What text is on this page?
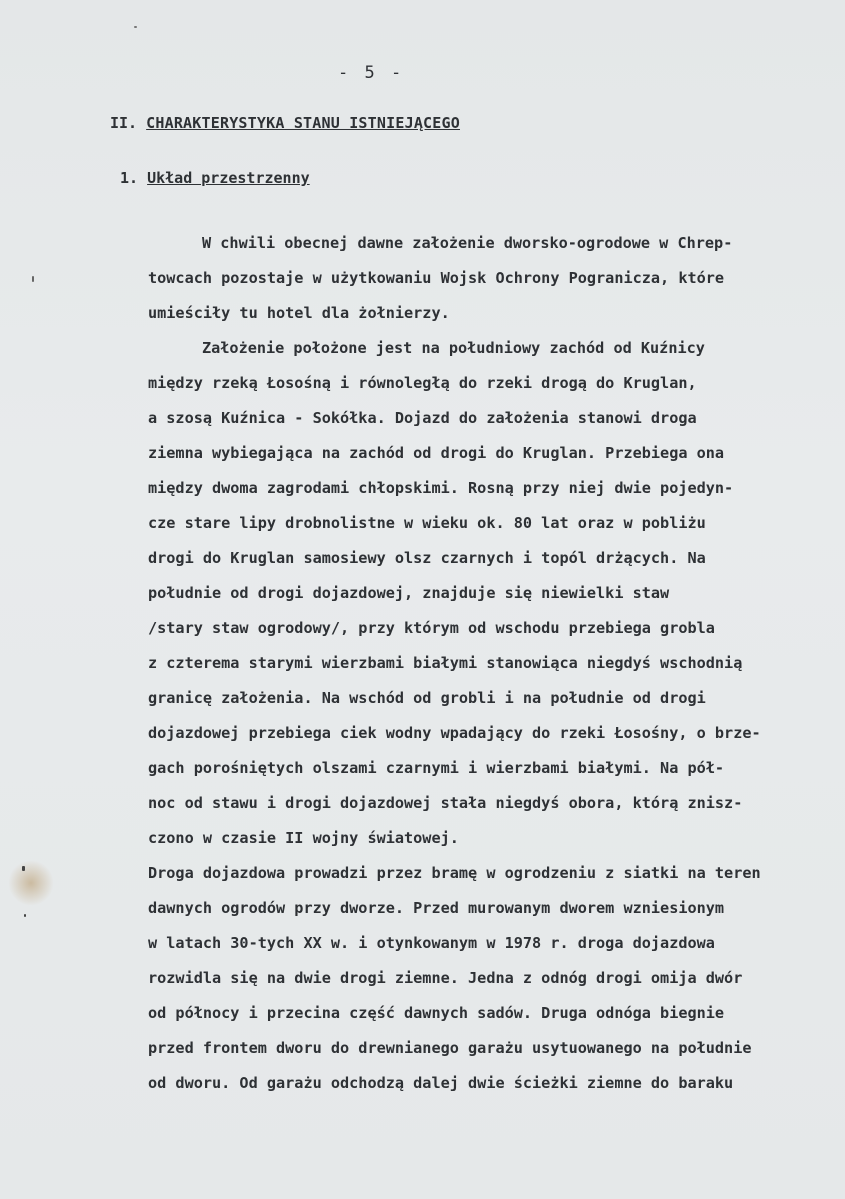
- 5 -
II. CHARAKTERYSTYKA STANU ISTNIEJĄCEGO
1. Układ przestrzenny
W chwili obecnej dawne założenie dworsko-ogrodowe w Chrep-
towcach pozostaje w użytkowaniu Wojsk Ochrony Pogranicza, które
umieściły tu hotel dla żołnierzy.
Założenie położone jest na południowy zachód od Kuźnicy
między rzeką Łosośną i równoległą do rzeki drogą do Kruglan,
a szosą Kuźnica - Sokółka. Dojazd do założenia stanowi droga
ziemna wybiegająca na zachód od drogi do Kruglan. Przebiega ona
między dwoma zagrodami chłopskimi. Rosną przy niej dwie pojedyn-
cze stare lipy drobnolistne w wieku ok. 80 lat oraz w pobliżu
drogi do Kruglan samosiewy olsz czarnych i topól drżących. Na
południe od drogi dojazdowej, znajduje się niewielki staw
/stary staw ogrodowy/, przy którym od wschodu przebiega grobla
z czterema starymi wierzbami białymi stanowiąca niegdyś wschodnią
granicę założenia. Na wschód od grobli i na południe od drogi
dojazdowej przebiega ciek wodny wpadający do rzeki Łosośny, o brze-
gach porośniętych olszami czarnymi i wierzbami białymi. Na pół-
noc od stawu i drogi dojazdowej stała niegdyś obora, którą znisz-
czono w czasie II wojny światowej.
Droga dojazdowa prowadzi przez bramę w ogrodzeniu z siatki na teren
dawnych ogrodów przy dworze. Przed murowanym dworem wzniesionym
w latach 30-tych XX w. i otynkowanym w 1978 r. droga dojazdowa
rozwidla się na dwie drogi ziemne. Jedna z odnóg drogi omija dwór
od północy i przecina część dawnych sadów. Druga odnóga biegnie
przed frontem dworu do drewnianego garażu usytuowanego na południe
od dworu. Od garażu odchodzą dalej dwie ścieżki ziemne do baraku
